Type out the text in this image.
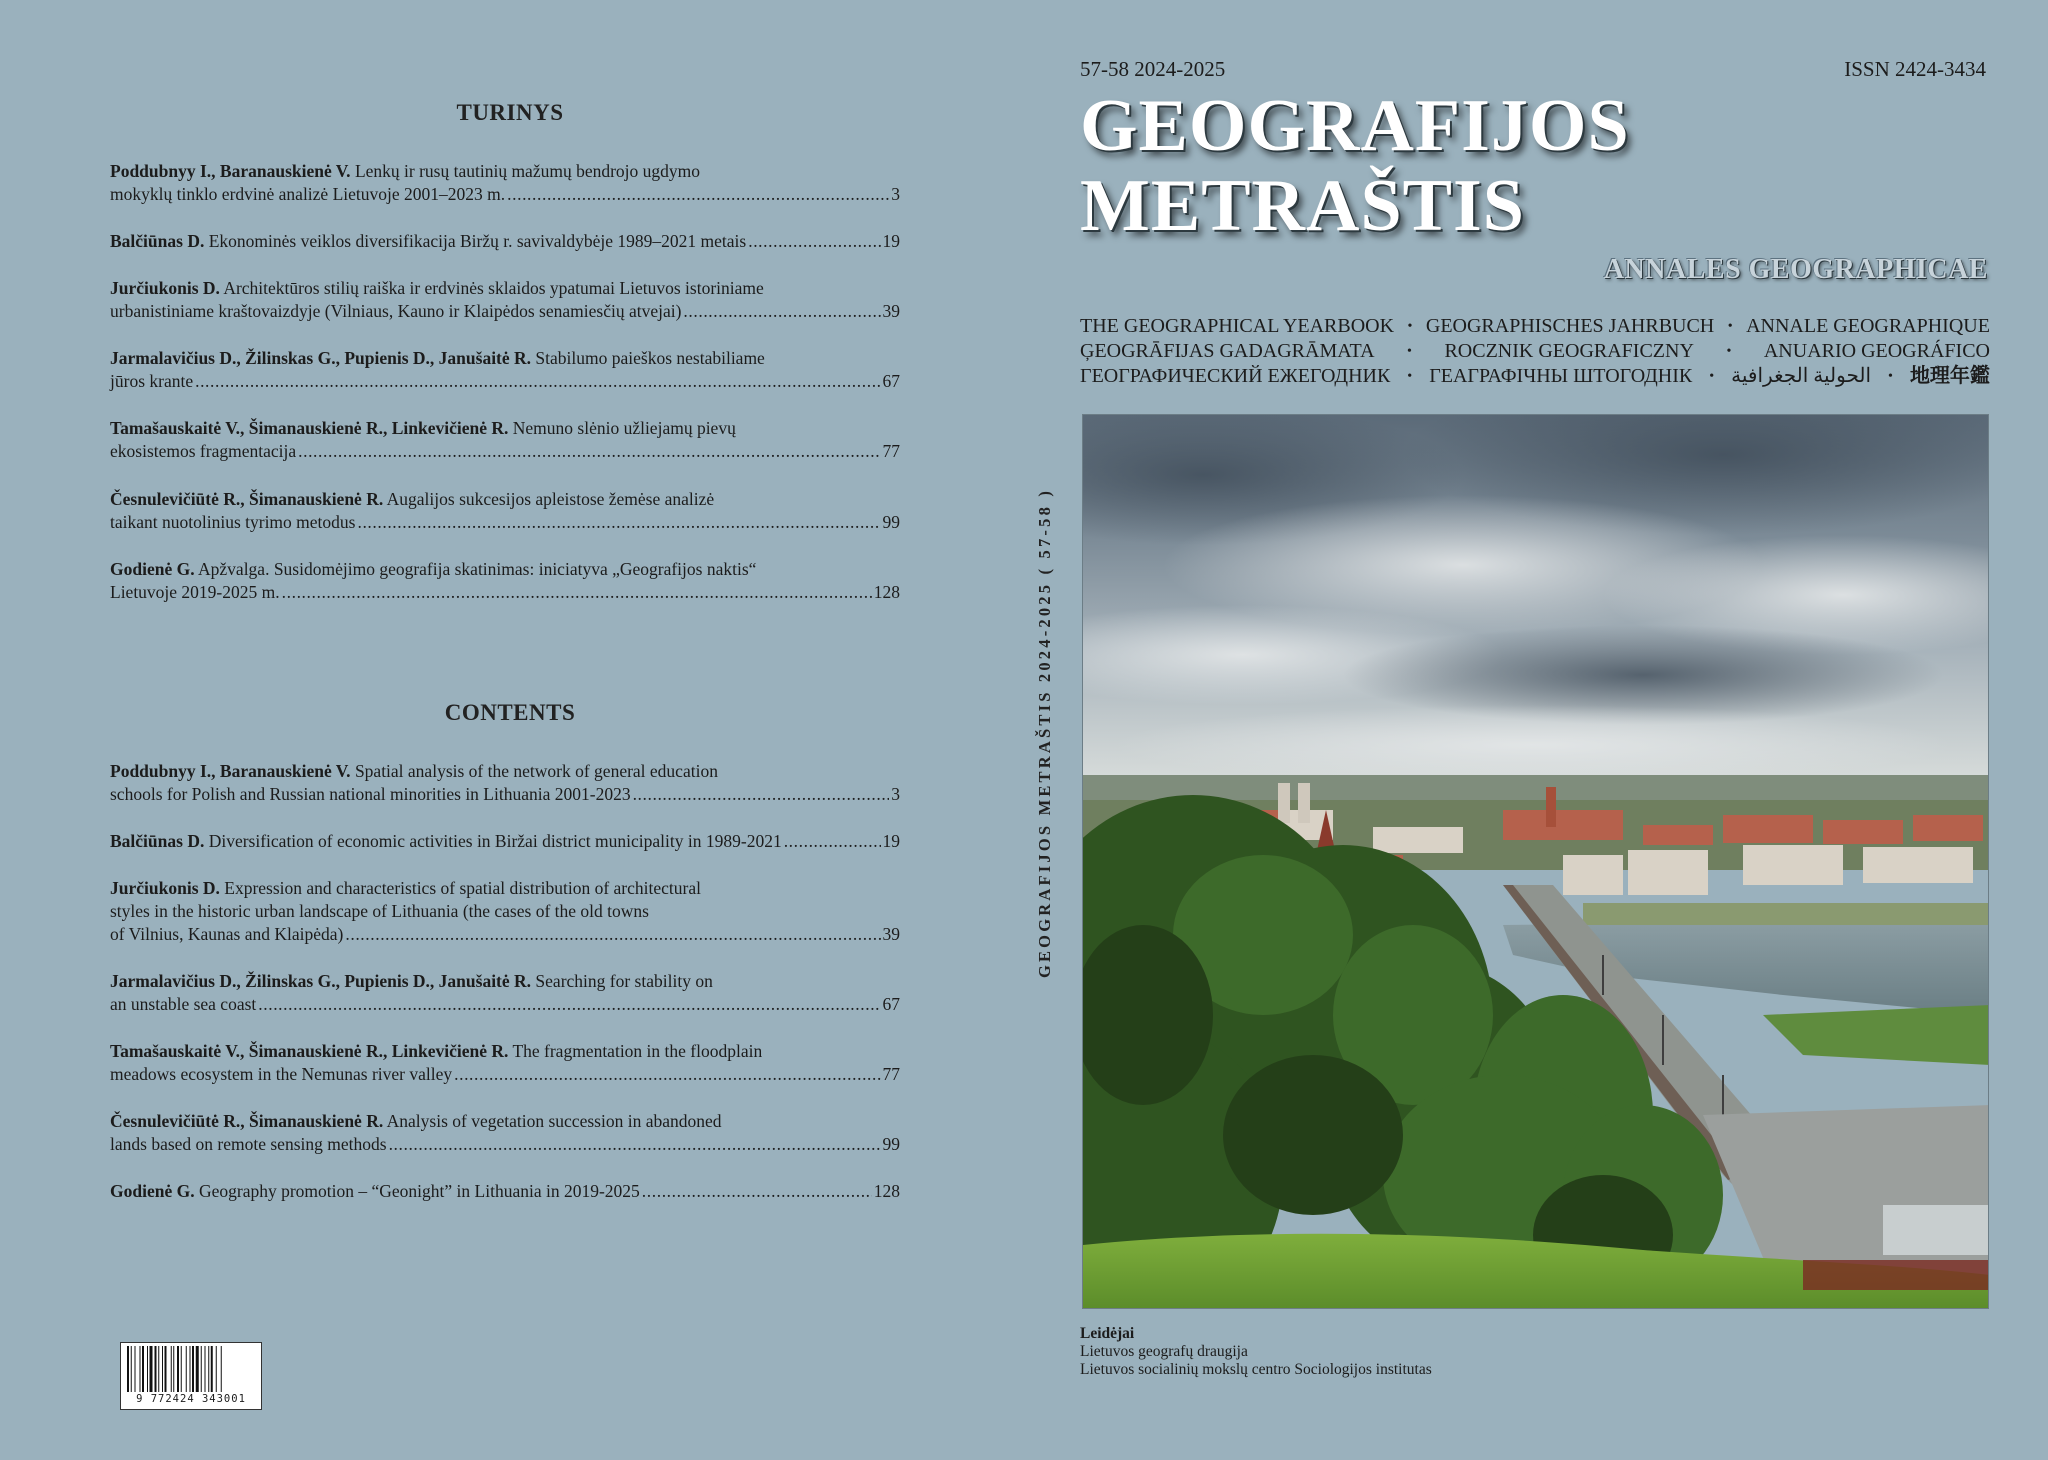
TURINYS
Poddubnyy I., Baranauskienė V. Lenkų ir rusų tautinių mažumų bendrojo ugdymo
mokyklų tinklo erdvinė analizė Lietuvoje 2001–2023 m. .....	3
Balčiūnas D. Ekonominės veiklos diversifikacija Biržų r. savivaldybėje 1989–2021 metais .....	19
Jurčiukonis D. Architektūros stilių raiška ir erdvinės sklaidos ypatumai Lietuvos istoriniame
urbanistiniame kraštovaizdyje (Vilniaus, Kauno ir Klaipėdos senamiesčių atvejai) .....	39
Jarmalavičius D., Žilinskas G., Pupienis D., Janušaitė R. Stabilumo paieškos nestabiliame
jūros krante .....	67
Tamašauskaitė V., Šimanauskienė R., Linkevičienė R. Nemuno slėnio užliejamų pievų
ekosistemos fragmentacija .....	77
Česnulevičiūtė R., Šimanauskienė R. Augalijos sukcesijos apleistose žemėse analizė
taikant nuotolinius tyrimo metodus .....	99
Godienė G. Apžvalga. Susidomėjimo geografija skatinimas: iniciatyva „Geografijos naktis“
Lietuvoje 2019-2025 m. .....	128
CONTENTS
Poddubnyy I., Baranauskienė V. Spatial analysis of the network of general education
schools for Polish and Russian national minorities in Lithuania 2001-2023 .....	3
Balčiūnas D. Diversification of economic activities in Biržai district municipality in 1989-2021 .....	19
Jurčiukonis D. Expression and characteristics of spatial distribution of architectural
styles in the historic urban landscape of Lithuania (the cases of the old towns
of Vilnius, Kaunas and Klaipėda) .....	39
Jarmalavičius D., Žilinskas G., Pupienis D., Janušaitė R. Searching for stability on
an unstable sea coast .....	67
Tamašauskaitė V., Šimanauskienė R., Linkevičienė R. The fragmentation in the floodplain
meadows ecosystem in the Nemunas river valley .....	77
Česnulevičiūtė R., Šimanauskienė R. Analysis of vegetation succession in abandoned
lands based on remote sensing methods .....	99
Godienė G. Geography promotion – “Geonight” in Lithuania in 2019-2025 .....	128
9 772424 343001
GEOGRAFIJOS METRAŠTIS 2024-2025 ( 57-58 )
57-58 2024-2025	ISSN 2424-3434
GEOGRAFIJOS
METRAŠTIS
ANNALES GEOGRAPHICAE
THE GEOGRAPHICAL YEARBOOK • GEOGRAPHISCHES JAHRBUCH • ANNALE GEOGRAPHIQUE
ĢEOGRĀFIJAS GADAGRĀMATA • ROCZNIK GEOGRAFICZNY • ANUARIO GEOGRÁFICO
ГЕОГРАФИЧЕСКИЙ ЕЖЕГОДНИК • ГЕАГРАФІЧНЫ ШТОГОДНІК • الحولية الجغرافية • 地理年鑑
Leidėjai
Lietuvos geografų draugija
Lietuvos socialinių mokslų centro Sociologijos institutas
